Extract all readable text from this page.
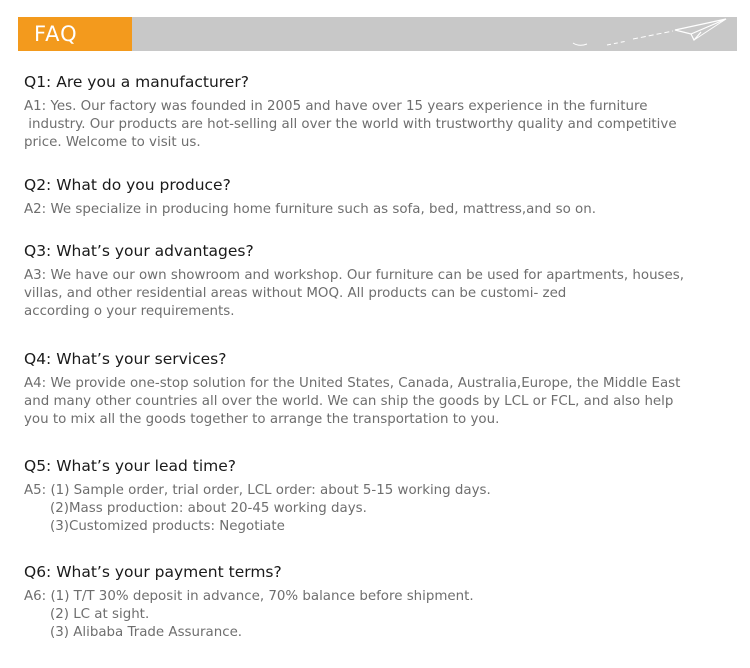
FAQ
Q1: Are you a manufacturer?
A1: Yes. Our factory was founded in 2005 and have over 15 years experience in the furniture
industry. Our products are hot-selling all over the world with trustworthy quality and competitive
price. Welcome to visit us.
Q2: What do you produce?
A2: We specialize in producing home furniture such as sofa, bed, mattress,and so on.
Q3: What’s your advantages?
A3: We have our own showroom and workshop. Our furniture can be used for apartments, houses,
villas, and other residential areas without MOQ. All products can be customi- zed
according o your requirements.
Q4: What’s your services?
A4: We provide one-stop solution for the United States, Canada, Australia,Europe, the Middle East
and many other countries all over the world. We can ship the goods by LCL or FCL, and also help
you to mix all the goods together to arrange the transportation to you.
Q5: What’s your lead time?
A5: (1) Sample order, trial order, LCL order: about 5-15 working days.
(2)Mass production: about 20-45 working days.
(3)Customized products: Negotiate
Q6: What’s your payment terms?
A6: (1) T/T 30% deposit in advance, 70% balance before shipment.
(2) LC at sight.
(3) Alibaba Trade Assurance.
